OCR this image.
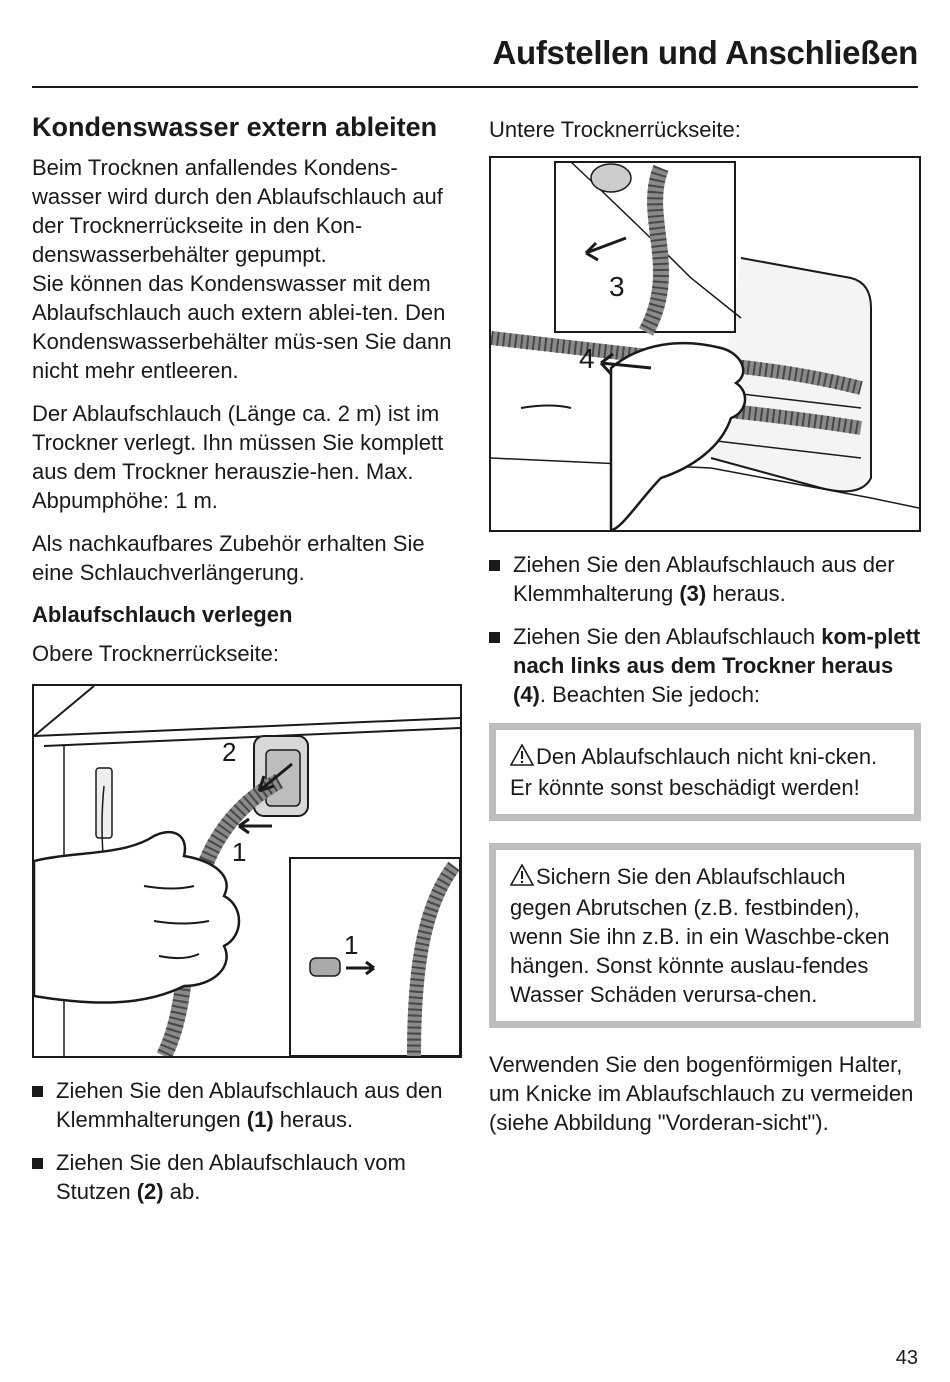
Aufstellen und Anschließen
Kondenswasser extern ableiten

Beim Trocknen anfallendes Kondens-wasser wird durch den Ablaufschlauch auf der Trocknerrückseite in den Kon-denswasserbehälter gepumpt.
Sie können das Kondenswasser mit dem Ablaufschlauch auch extern ablei-ten. Den Kondenswasserbehälter müs-sen Sie dann nicht mehr entleeren.

Der Ablaufschlauch (Länge ca. 2 m) ist im Trockner verlegt. Ihn müssen Sie komplett aus dem Trockner herauszie-hen. Max. Abpumphöhe: 1 m.

Als nachkaufbares Zubehör erhalten Sie eine Schlauchverlängerung.

Ablaufschlauch verlegen

Obere Trocknerrückseite:

2
1
1
Ziehen Sie den Ablaufschlauch aus den Klemmhalterungen (1) heraus.
Ziehen Sie den Ablaufschlauch vom Stutzen (2) ab.

Untere Trocknerrückseite:

3
4
Ziehen Sie den Ablaufschlauch aus der Klemmhalterung (3) heraus.
Ziehen Sie den Ablaufschlauch kom-plett nach links aus dem Trockner heraus (4). Beachten Sie jedoch:
Den Ablaufschlauch nicht kni-cken. Er könnte sonst beschädigt werden!
Sichern Sie den Ablaufschlauch gegen Abrutschen (z.B. festbinden), wenn Sie ihn z.B. in ein Waschbe-cken hängen. Sonst könnte auslau-fendes Wasser Schäden verursa-chen.

Verwenden Sie den bogenförmigen Halter, um Knicke im Ablaufschlauch zu vermeiden (siehe Abbildung "Vorderan-sicht").

43
